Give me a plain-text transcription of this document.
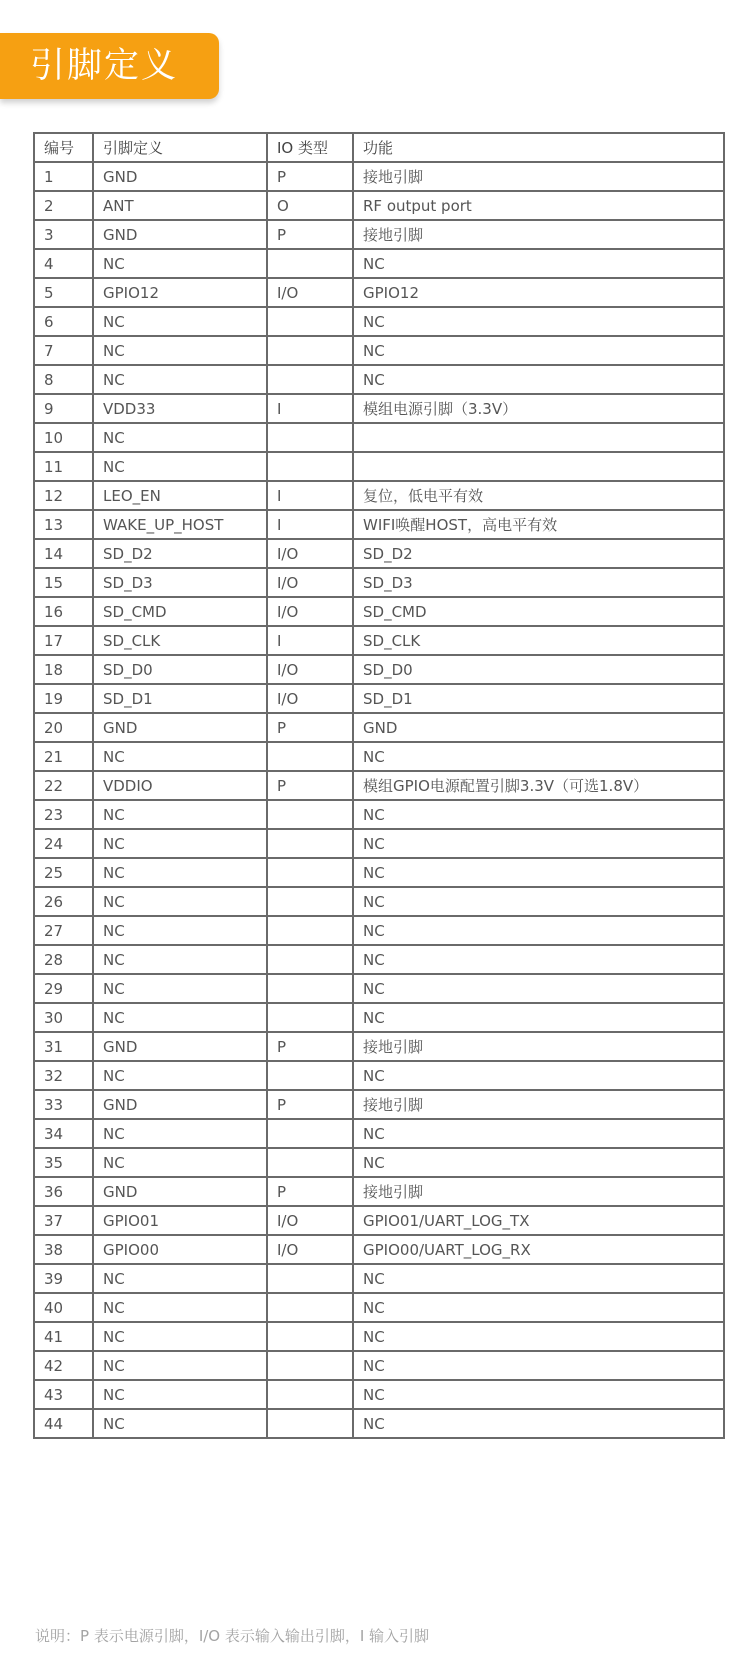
引脚定义
编号	引脚定义	IO 类型	功能
1	GND	P	接地引脚
2	ANT	O	RF output port
3	GND	P	接地引脚
4	NC		NC
5	GPIO12	I/O	GPIO12
6	NC		NC
7	NC		NC
8	NC		NC
9	VDD33	I	模组电源引脚（3.3V）
10	NC		
11	NC		
12	LEO_EN	I	复位，低电平有效
13	WAKE_UP_HOST	I	WIFI唤醒HOST，高电平有效
14	SD_D2	I/O	SD_D2
15	SD_D3	I/O	SD_D3
16	SD_CMD	I/O	SD_CMD
17	SD_CLK	I	SD_CLK
18	SD_D0	I/O	SD_D0
19	SD_D1	I/O	SD_D1
20	GND	P	GND
21	NC		NC
22	VDDIO	P	模组GPIO电源配置引脚3.3V（可选1.8V）
23	NC		NC
24	NC		NC
25	NC		NC
26	NC		NC
27	NC		NC
28	NC		NC
29	NC		NC
30	NC		NC
31	GND	P	接地引脚
32	NC		NC
33	GND	P	接地引脚
34	NC		NC
35	NC		NC
36	GND	P	接地引脚
37	GPIO01	I/O	GPIO01/UART_LOG_TX
38	GPIO00	I/O	GPIO00/UART_LOG_RX
39	NC		NC
40	NC		NC
41	NC		NC
42	NC		NC
43	NC		NC
44	NC		NC
说明：P 表示电源引脚，I/O 表示输入输出引脚，I 输入引脚
